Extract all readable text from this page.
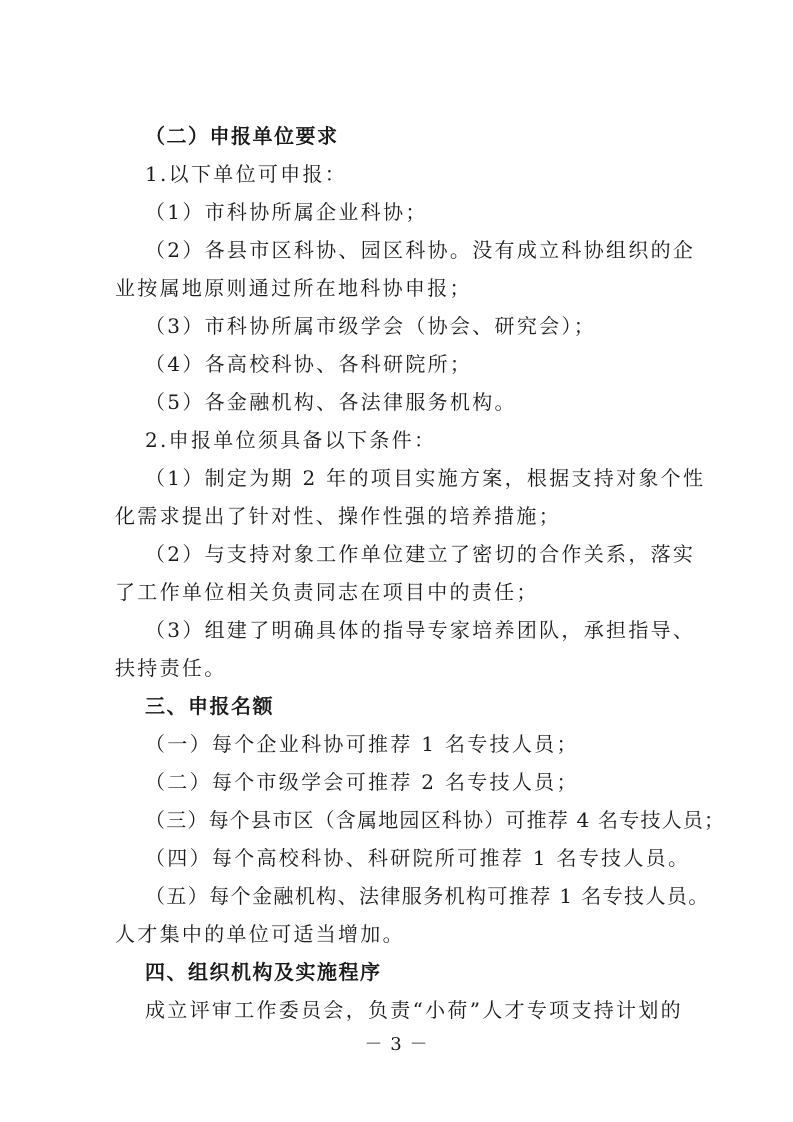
（二）申报单位要求
1.以下单位可申报：
（1）市科协所属企业科协；
（2）各县市区科协、园区科协。没有成立科协组织的企
业按属地原则通过所在地科协申报；
（3）市科协所属市级学会（协会、研究会）；
（4）各高校科协、各科研院所；
（5）各金融机构、各法律服务机构。
2.申报单位须具备以下条件：
（1）制定为期 2 年的项目实施方案，根据支持对象个性
化需求提出了针对性、操作性强的培养措施；
（2）与支持对象工作单位建立了密切的合作关系，落实
了工作单位相关负责同志在项目中的责任；
（3）组建了明确具体的指导专家培养团队，承担指导、
扶持责任。
三、申报名额
（一）每个企业科协可推荐 1 名专技人员；
（二）每个市级学会可推荐 2 名专技人员；
（三）每个县市区（含属地园区科协）可推荐 4 名专技人员；
（四）每个高校科协、科研院所可推荐 1 名专技人员。
（五）每个金融机构、法律服务机构可推荐 1 名专技人员。
人才集中的单位可适当增加。
四、组织机构及实施程序
成立评审工作委员会，负责“小荷”人才专项支持计划的
－ 3 －
